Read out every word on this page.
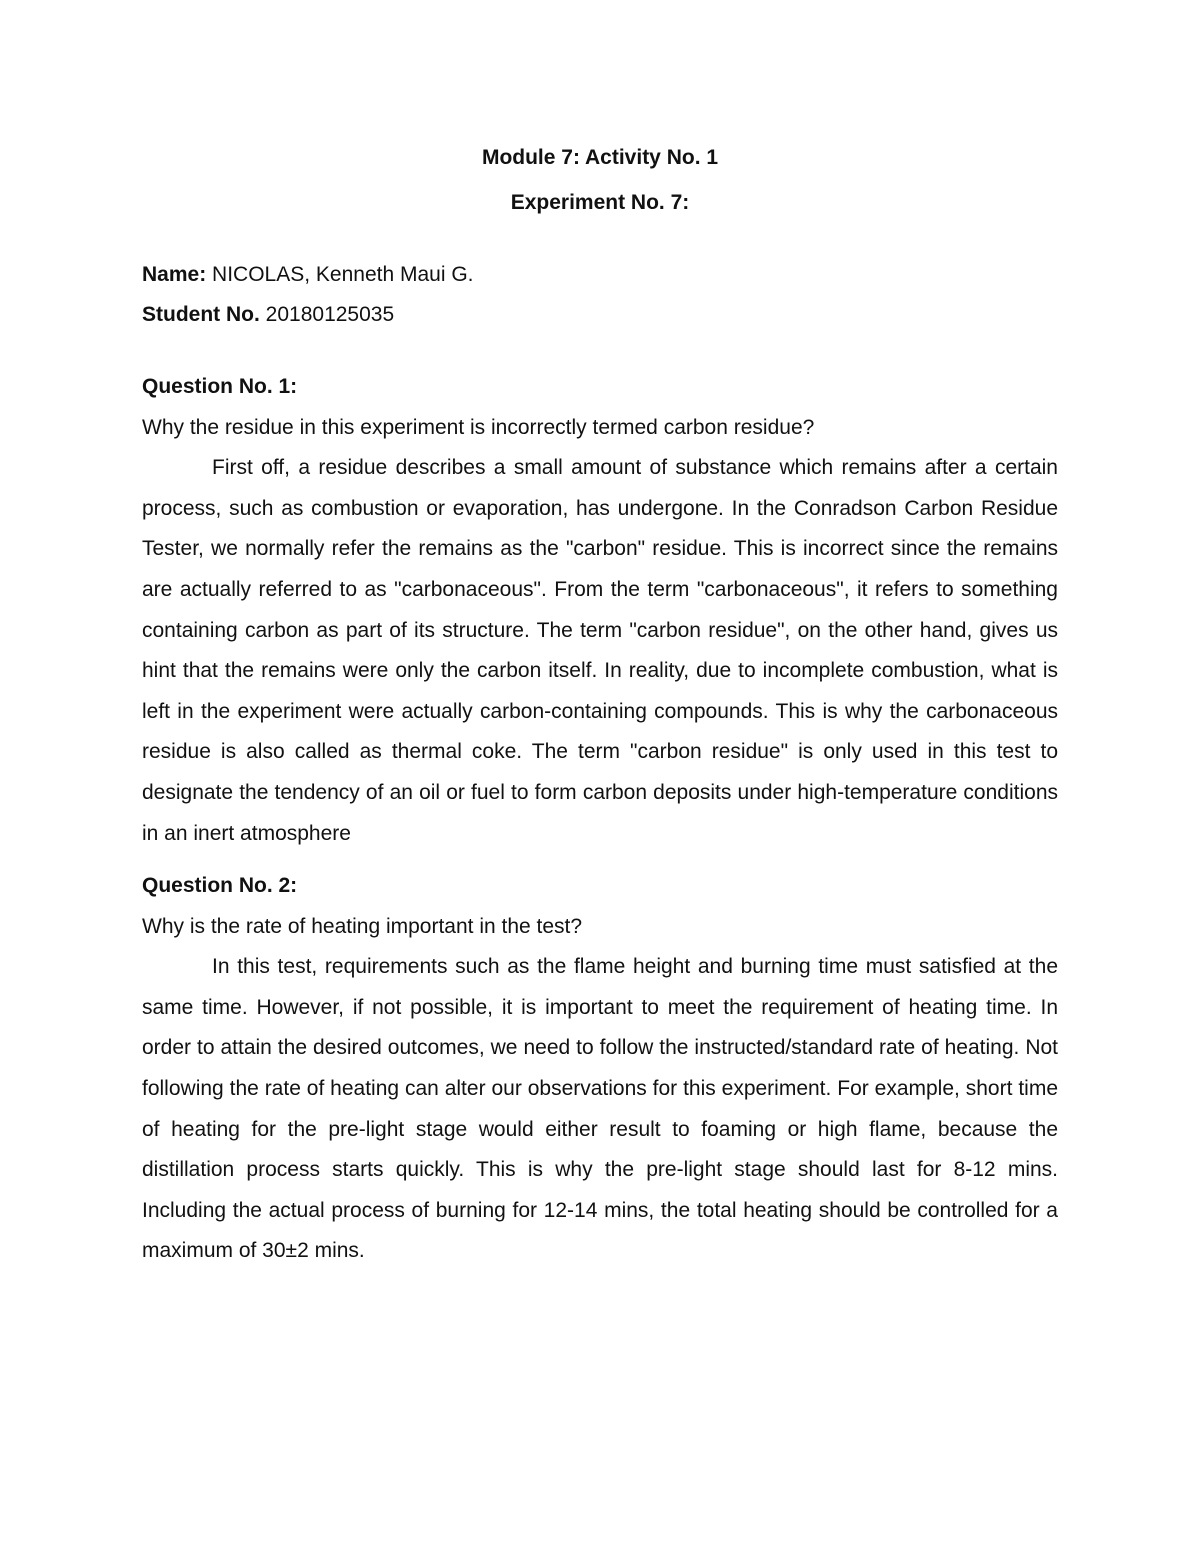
Module 7: Activity No. 1

Experiment No. 7:

Name: NICOLAS, Kenneth Maui G.

Student No. 20180125035

Question No. 1:

Why the residue in this experiment is incorrectly termed carbon residue?

First off, a residue describes a small amount of substance which remains after a certain process, such as combustion or evaporation, has undergone. In the Conradson Carbon Residue Tester, we normally refer the remains as the "carbon" residue. This is incorrect since the remains are actually referred to as "carbonaceous". From the term "carbonaceous", it refers to something containing carbon as part of its structure. The term "carbon residue", on the other hand, gives us hint that the remains were only the carbon itself. In reality, due to incomplete combustion, what is left in the experiment were actually carbon-containing compounds. This is why the carbonaceous residue is also called as thermal coke. The term "carbon residue" is only used in this test to designate the tendency of an oil or fuel to form carbon deposits under high-temperature conditions in an inert atmosphere

Question No. 2:

Why is the rate of heating important in the test?

In this test, requirements such as the flame height and burning time must satisfied at the same time. However, if not possible, it is important to meet the requirement of heating time. In order to attain the desired outcomes, we need to follow the instructed/standard rate of heating. Not following the rate of heating can alter our observations for this experiment. For example, short time of heating for the pre-light stage would either result to foaming or high flame, because the distillation process starts quickly. This is why the pre-light stage should last for 8-12 mins. Including the actual process of burning for 12-14 mins, the total heating should be controlled for a maximum of 30±2 mins.
